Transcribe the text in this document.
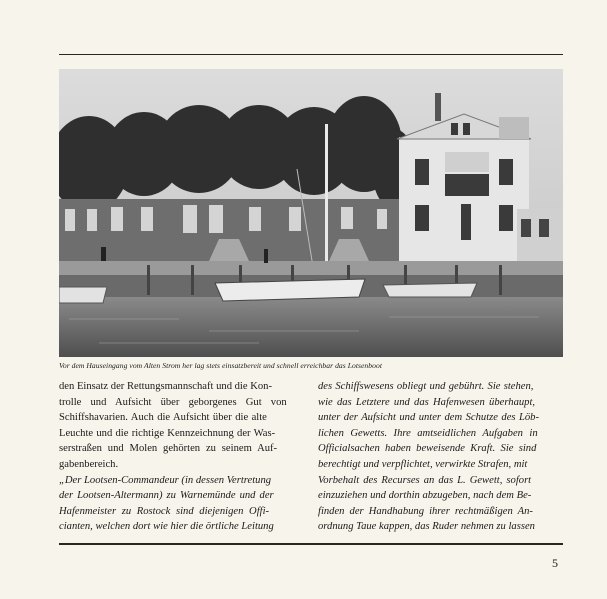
Vor dem Hauseingang vom Alten Strom her lag stets einsatzbereit und schnell erreichbar das Lotsenboot
den Einsatz der Rettungsmannschaft und die Kon-
trolle und Aufsicht über geborgenes Gut von
Schiffshavarien. Auch die Aufsicht über die alte
Leuchte und die richtige Kennzeichnung der Was-
serstraßen und Molen gehörten zu seinem Auf-
gabenbereich.
„Der Lootsen-Commandeur (in dessen Vertretung
der Lootsen-Altermann) zu Warnemünde und der
Hafenmeister zu Rostock sind diejenigen Offi-
cianten, welchen dort wie hier die örtliche Leitung
des Schiffswesens obliegt und gebührt. Sie stehen,
wie das Letztere und das Hafenwesen überhaupt,
unter der Aufsicht und unter dem Schutze des Löb-
lichen Gewetts. Ihre amtseidlichen Aufgaben in
Officialsachen haben beweisende Kraft. Sie sind
berechtigt und verpflichtet, verwirkte Strafen, mit
Vorbehalt des Recurses an das L. Gewett, sofort
einzuziehen und dorthin abzugeben, nach dem Be-
finden der Handhabung ihrer rechtmäßigen An-
ordnung Taue kappen, das Ruder nehmen zu lassen
5
